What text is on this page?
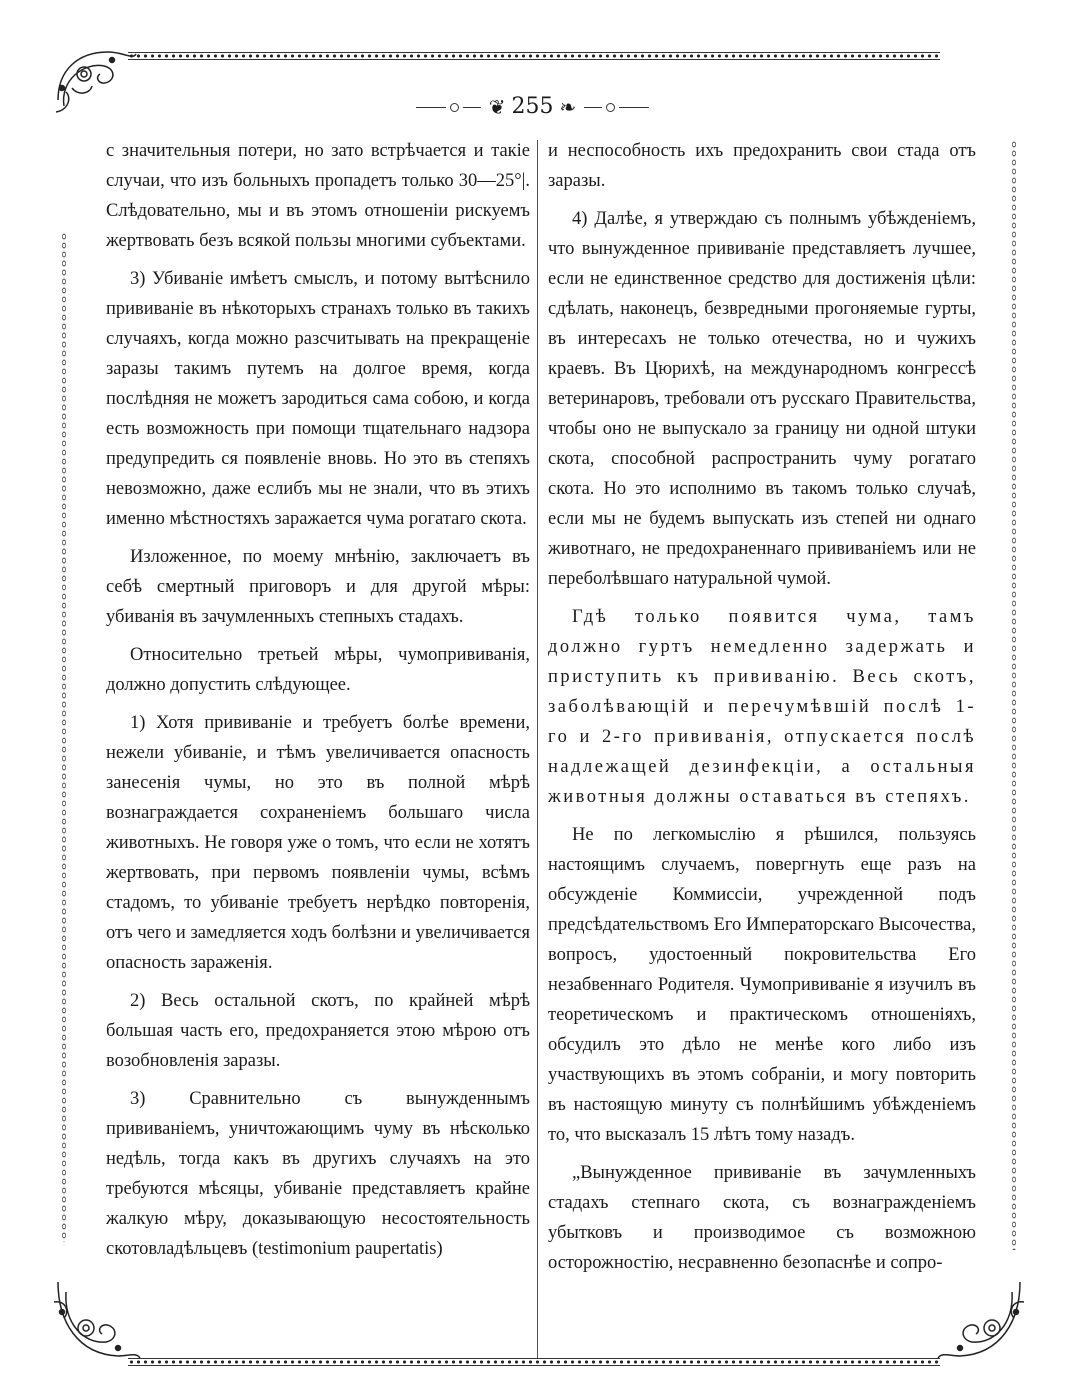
❦ 255 ❧

с значительныя потери, но зато встрѣчается и такіе случаи, что изъ больныхъ пропадетъ только 30—25°|. Слѣдовательно, мы и въ этомъ отношеніи рискуемъ жертвовать безъ всякой пользы многими субъектами.

3) Убиваніе имѣетъ смыслъ, и потому вытѣснило прививаніе въ нѣкоторыхъ странахъ только въ такихъ случаяхъ, когда можно разсчитывать на прекращеніе заразы такимъ путемъ на долгое время, когда послѣдняя не можетъ зародиться сама собою, и когда есть возможность при помощи тщательнаго надзора предупредить ся появленіе вновь. Но это въ степяхъ невозможно, даже еслибъ мы не знали, что въ этихъ именно мѣстностяхъ заражается чума рогатаго скота.

Изложенное, по моему мнѣнію, заключаетъ въ себѣ смертный приговоръ и для другой мѣры: убиванія въ зачумленныхъ степныхъ стадахъ.

Относительно третьей мѣры, чумопрививанія, должно допустить слѣдующее.

1) Хотя прививаніе и требуетъ болѣе времени, нежели убиваніе, и тѣмъ увеличивается опасность занесенія чумы, но это въ полной мѣрѣ вознаграждается сохраненіемъ большаго числа животныхъ. Не говоря уже о томъ, что если не хотятъ жертвовать, при первомъ появленіи чумы, всѣмъ стадомъ, то убиваніе требуетъ нерѣдко повторенія, отъ чего и замедляется ходъ болѣзни и увеличивается опасность зараженія.

2) Весь остальной скотъ, по крайней мѣрѣ большая часть его, предохраняется этою мѣрою отъ возобновленія заразы.

3) Сравнительно съ вынужденнымъ прививаніемъ, уничтожающимъ чуму въ нѣсколько недѣль, тогда какъ въ другихъ случаяхъ на это требуются мѣсяцы, убиваніе представляетъ крайне жалкую мѣру, доказывающую несостоятельность скотовладѣльцевъ (testimonium paupertatis)

и неспособность ихъ предохранить свои стада отъ заразы.

4) Далѣе, я утверждаю съ полнымъ убѣжденіемъ, что вынужденное прививаніе представляетъ лучшее, если не единственное средство для достиженія цѣли: сдѣлать, наконецъ, безвредными прогоняемые гурты, въ интересахъ не только отечества, но и чужихъ краевъ. Въ Цюрихѣ, на международномъ конгрессѣ ветеринаровъ, требовали отъ русскаго Правительства, чтобы оно не выпускало за границу ни одной штуки скота, способной распространить чуму рогатаго скота. Но это исполнимо въ такомъ только случаѣ, если мы не будемъ выпускать изъ степей ни однаго животнаго, не предохраненнаго прививаніемъ или не переболѣвшаго натуральной чумой.

Гдѣ только появится чума, тамъ должно гуртъ немедленно задержать и приступить къ прививанію. Весь скотъ, заболѣвающій и перечумѣвшій послѣ 1-го и 2-го прививанія, отпускается послѣ надлежащей дезинфекціи, а остальныя животныя должны оставаться въ степяхъ.

Не по легкомыслію я рѣшился, пользуясь настоящимъ случаемъ, повергнуть еще разъ на обсужденіе Коммиссіи, учрежденной подъ предсѣдательствомъ Его Императорскаго Высочества, вопросъ, удостоенный покровительства Его незабвеннаго Родителя. Чумопрививаніе я изучилъ въ теоретическомъ и практическомъ отношеніяхъ, обсудилъ это дѣло не менѣе кого либо изъ участвующихъ въ этомъ собраніи, и могу повторить въ настоящую минуту съ полнѣйшимъ убѣжденіемъ то, что высказалъ 15 лѣтъ тому назадъ.

„Вынужденное прививаніе въ зачумленныхъ стадахъ степнаго скота, съ вознагражденіемъ убытковъ и производимое съ возможною осторожностію, несравненно безопаснѣе и сопро-
